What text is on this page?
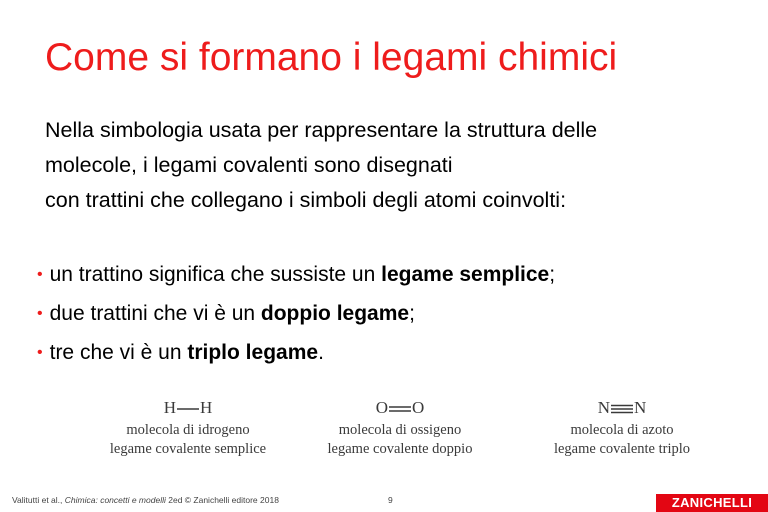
Come si formano i legami chimici
Nella simbologia usata per rappresentare la struttura delle
molecole, i legami covalenti sono disegnati
con trattini che collegano i simboli degli atomi coinvolti:
• un trattino significa che sussiste un legame semplice;
• due trattini che vi è un doppio legame;
• tre che vi è un triplo legame.
H H
molecola di idrogeno
legame covalente semplice
O O
molecola di ossigeno
legame covalente doppio
N N
molecola di azoto
legame covalente triplo
Valitutti et al., Chimica: concetti e modelli 2ed © Zanichelli editore 2018	9	ZANICHELLI
